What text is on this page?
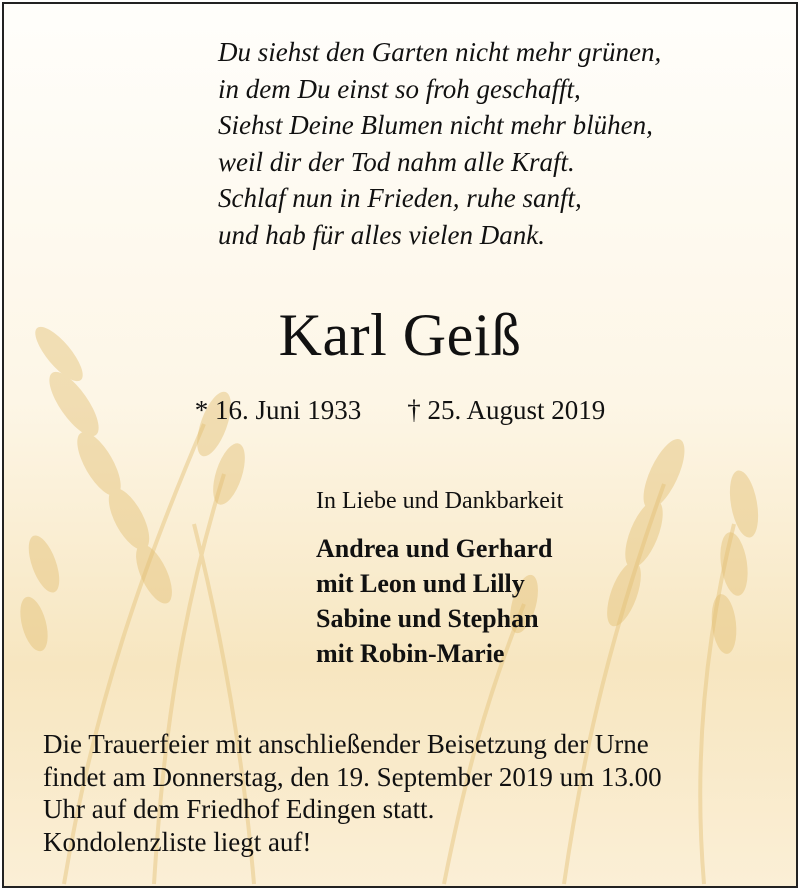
Du siehst den Garten nicht mehr grünen,
in dem Du einst so froh geschafft,
Siehst Deine Blumen nicht mehr blühen,
weil dir der Tod nahm alle Kraft.
Schlaf nun in Frieden, ruhe sanft,
und hab für alles vielen Dank.
Karl Geiß
* 16. Juni 1933 † 25. August 2019
In Liebe und Dankbarkeit
Andrea und Gerhard
mit Leon und Lilly
Sabine und Stephan
mit Robin-Marie
Die Trauerfeier mit anschließender Beisetzung der Urne
findet am Donnerstag, den 19. September 2019 um 13.00
Uhr auf dem Friedhof Edingen statt.
Kondolenzliste liegt auf!
